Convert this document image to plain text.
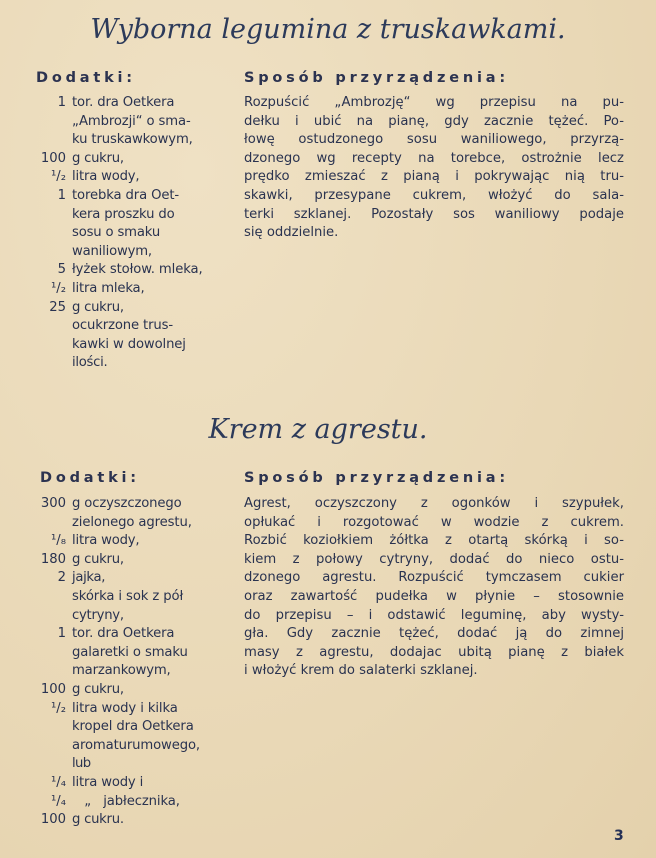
Wyborna legumina z truskawkami.
Dodatki:	Sposób przyrządzenia:
1 tor. dra Oetkera
„Ambrozji“ o sma-
ku truskawkowym,
100 g cukru,
¹/₂ litra wody,
1 torebka dra Oet-
kera proszku do
sosu o smaku
waniliowym,
5 łyżek stołow. mleka,
¹/₂ litra mleka,
25 g cukru,
ocukrzone trus-
kawki w dowolnej
ilości.
Rozpuścić „Ambrozję“ wg przepisu na pu-
dełku i ubić na pianę, gdy zacznie tężeć. Po-
łowę ostudzonego sosu waniliowego, przyrzą-
dzonego wg recepty na torebce, ostrożnie lecz
prędko zmieszać z pianą i pokrywając nią tru-
skawki, przesypane cukrem, włożyć do sala-
terki szklanej. Pozostały sos waniliowy podaje
się oddzielnie.
Krem z agrestu.
Dodatki:	Sposób przyrządzenia:
300 g oczyszczonego
zielonego agrestu,
¹/₈ litra wody,
180 g cukru,
2 jajka,
skórka i sok z pół
cytryny,
1 tor. dra Oetkera
galaretki o smaku
marzankowym,
100 g cukru,
¹/₂ litra wody i kilka
kropel dra Oetkera
aromaturumowego,
lub
¹/₄ litra wody i
¹/₄ „   jabłecznika,
100 g cukru.
Agrest, oczyszczony z ogonków i szypułek,
opłukać i rozgotować w wodzie z cukrem.
Rozbić koziołkiem żółtka z otartą skórką i so-
kiem z połowy cytryny, dodać do nieco ostu-
dzonego agrestu. Rozpuścić tymczasem cukier
oraz zawartość pudełka w płynie – stosownie
do przepisu – i odstawić leguminę, aby wysty-
gła. Gdy zacznie tężeć, dodać ją do zimnej
masy z agrestu, dodajac ubitą pianę z białek
i włożyć krem do salaterki szklanej.
3
